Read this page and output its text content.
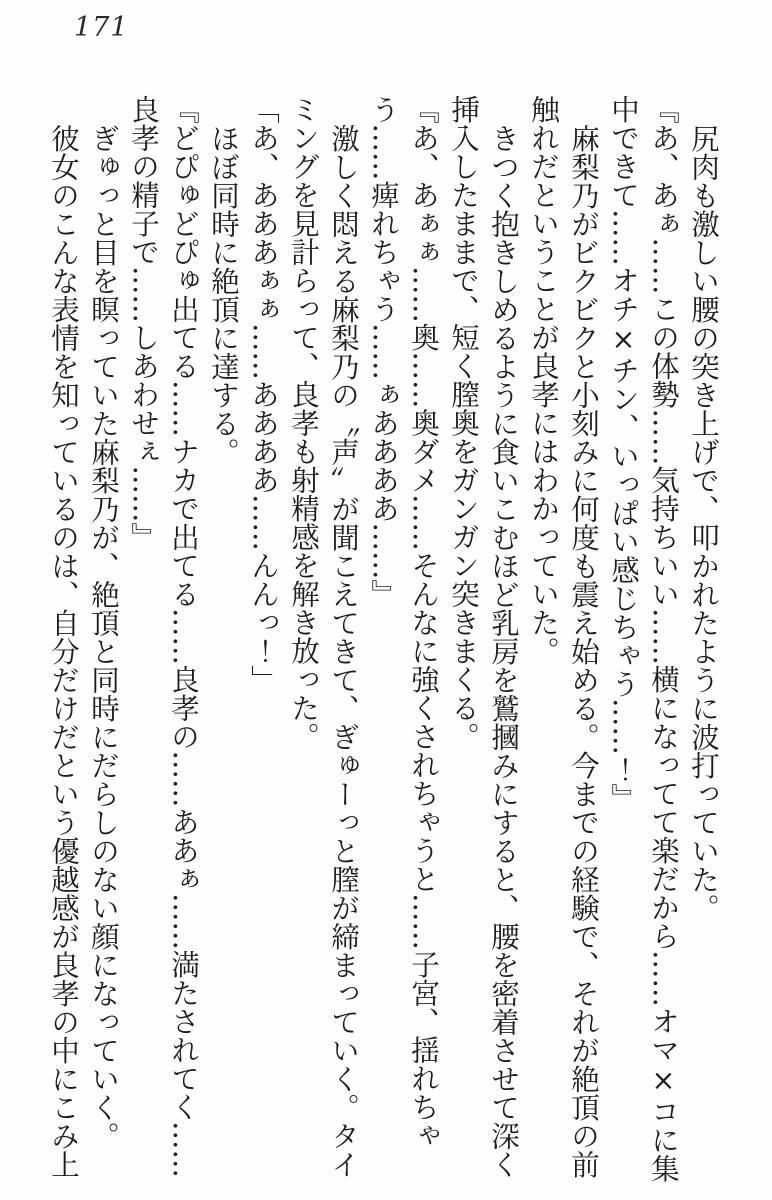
171

尻肉も激しい腰の突き上げで、叩かれたように波打っていた。

『あ、あぁ……この体勢……気持ちいい……横になってて楽だから……オマ×コに集中できて……オチ×チン、いっぱい感じちゃう……！』

麻梨乃がビクビクと小刻みに何度も震え始める。今までの経験で、それが絶頂の前触れだということが良孝にはわかっていた。

きつく抱きしめるように食いこむほど乳房を鷲摑みにすると、腰を密着させて深く挿入したままで、短く膣奥をガンガン突きまくる。

『あ、あぁぁ……奥……奥ダメ……そんなに強くされちゃうと……子宮、揺れちゃう……痺れちゃう……ぁああああ……』

激しく悶える麻梨乃の〝声〟が聞こえてきて、ぎゅーっと膣が締まっていく。タイミングを見計らって、良孝も射精感を解き放った。

「あ、あああぁぁ……ああああ……んんっ！」

ほぼ同時に絶頂に達する。

『どぴゅどぴゅ出てる……ナカで出てる……良孝の……ああぁ……満たされてく……良孝の精子で……しあわせぇ……』

ぎゅっと目を瞑っていた麻梨乃が、絶頂と同時にだらしのない顔になっていく。

彼女のこんな表情を知っているのは、自分だけだという優越感が良孝の中にこみ上
